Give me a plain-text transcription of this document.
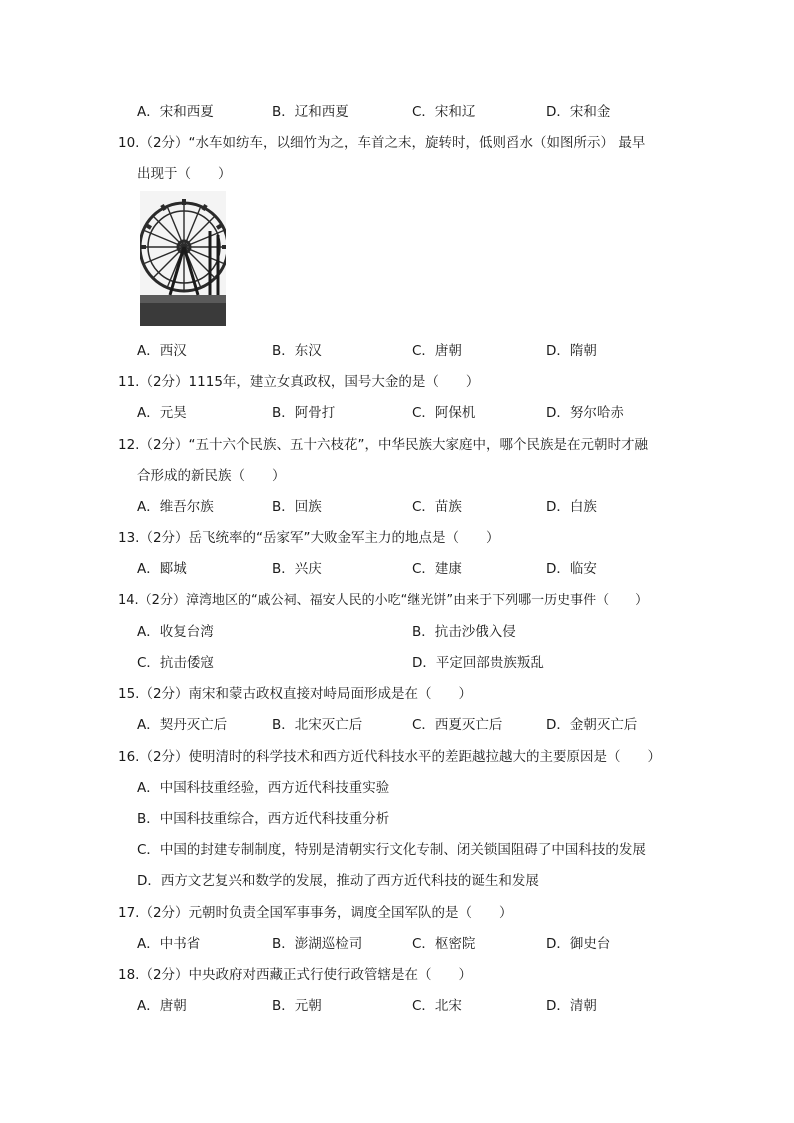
A．宋和西夏	B．辽和西夏	C．宋和辽	D．宋和金
10.（2分）“水车如纺车，以细竹为之，车首之末，旋转时，低则舀水（如图所示） 最早
出现于（　　）
A．西汉	B．东汉	C．唐朝	D．隋朝
11.（2分）1115年，建立女真政权，国号大金的是（　　）
A．元昊	B．阿骨打	C．阿保机	D．努尔哈赤
12.（2分）“五十六个民族、五十六枝花”，中华民族大家庭中，哪个民族是在元朝时才融
合形成的新民族（　　）
A．维吾尔族	B．回族	C．苗族	D．白族
13.（2分）岳飞统率的“岳家军”大败金军主力的地点是（　　）
A．郾城	B．兴庆	C．建康	D．临安
14.（2分）漳湾地区的“戚公祠、福安人民的小吃“继光饼”由来于下列哪一历史事件（　　）
A．收复台湾	B．抗击沙俄入侵
C．抗击倭寇	D．平定回部贵族叛乱
15.（2分）南宋和蒙古政权直接对峙局面形成是在（　　）
A．契丹灭亡后	B．北宋灭亡后	C．西夏灭亡后	D．金朝灭亡后
16.（2分）使明清时的科学技术和西方近代科技水平的差距越拉越大的主要原因是（　　）
A．中国科技重经验，西方近代科技重实验
B．中国科技重综合，西方近代科技重分析
C．中国的封建专制制度，特别是清朝实行文化专制、闭关锁国阻碍了中国科技的发展
D．西方文艺复兴和数学的发展，推动了西方近代科技的诞生和发展
17.（2分）元朝时负责全国军事事务，调度全国军队的是（　　）
A．中书省	B．澎湖巡检司	C．枢密院	D．御史台
18.（2分）中央政府对西藏正式行使行政管辖是在（　　）
A．唐朝	B．元朝	C．北宋	D．清朝
